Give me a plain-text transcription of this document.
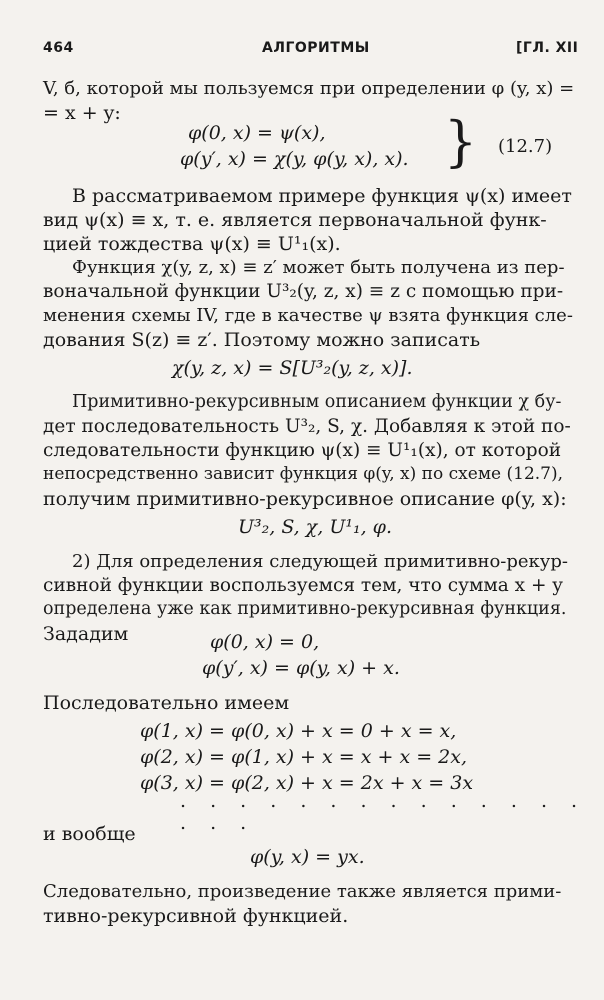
464	АЛГОРИТМЫ	[ГЛ. XII
V, б, которой мы пользуемся при определении φ (y, x) =
= x + y:
φ(0, x) = ψ(x),
φ(y′, x) = χ(y, φ(y, x), x). } (12.7)
В рассматриваемом примере функция ψ(x) имеет
вид ψ(x) ≡ x, т. е. является первоначальной функ-
цией тождества ψ(x) ≡ U¹₁(x).
Функция χ(y, z, x) ≡ z′ может быть получена из пер-
воначальной функции U³₂(y, z, x) ≡ z с помощью при-
менения схемы IV, где в качестве ψ взята функция сле-
дования S(z) ≡ z′. Поэтому можно записать
χ(y, z, x) = S[U³₂(y, z, x)].
Примитивно-рекурсивным описанием функции χ бу-
дет последовательность U³₂, S, χ. Добавляя к этой по-
следовательности функцию ψ(x) ≡ U¹₁(x), от которой
непосредственно зависит функция φ(y, x) по схеме (12.7),
получим примитивно-рекурсивное описание φ(y, x):
U³₂, S, χ, U¹₁, φ.
2) Для определения следующей примитивно-рекур-
сивной функции воспользуемся тем, что сумма x + y
определена уже как примитивно-рекурсивная функция.
Зададим	φ(0, x) = 0,
φ(y′, x) = φ(y, x) + x.
Последовательно имеем
φ(1, x) = φ(0, x) + x = 0 + x = x,
φ(2, x) = φ(1, x) + x = x + x = 2x,
φ(3, x) = φ(2, x) + x = 2x + x = 3x
. . . . . . . . . . . . . . . . .
и вообще
φ(y, x) = yx.
Следовательно, произведение также является прими-
тивно-рекурсивной функцией.
